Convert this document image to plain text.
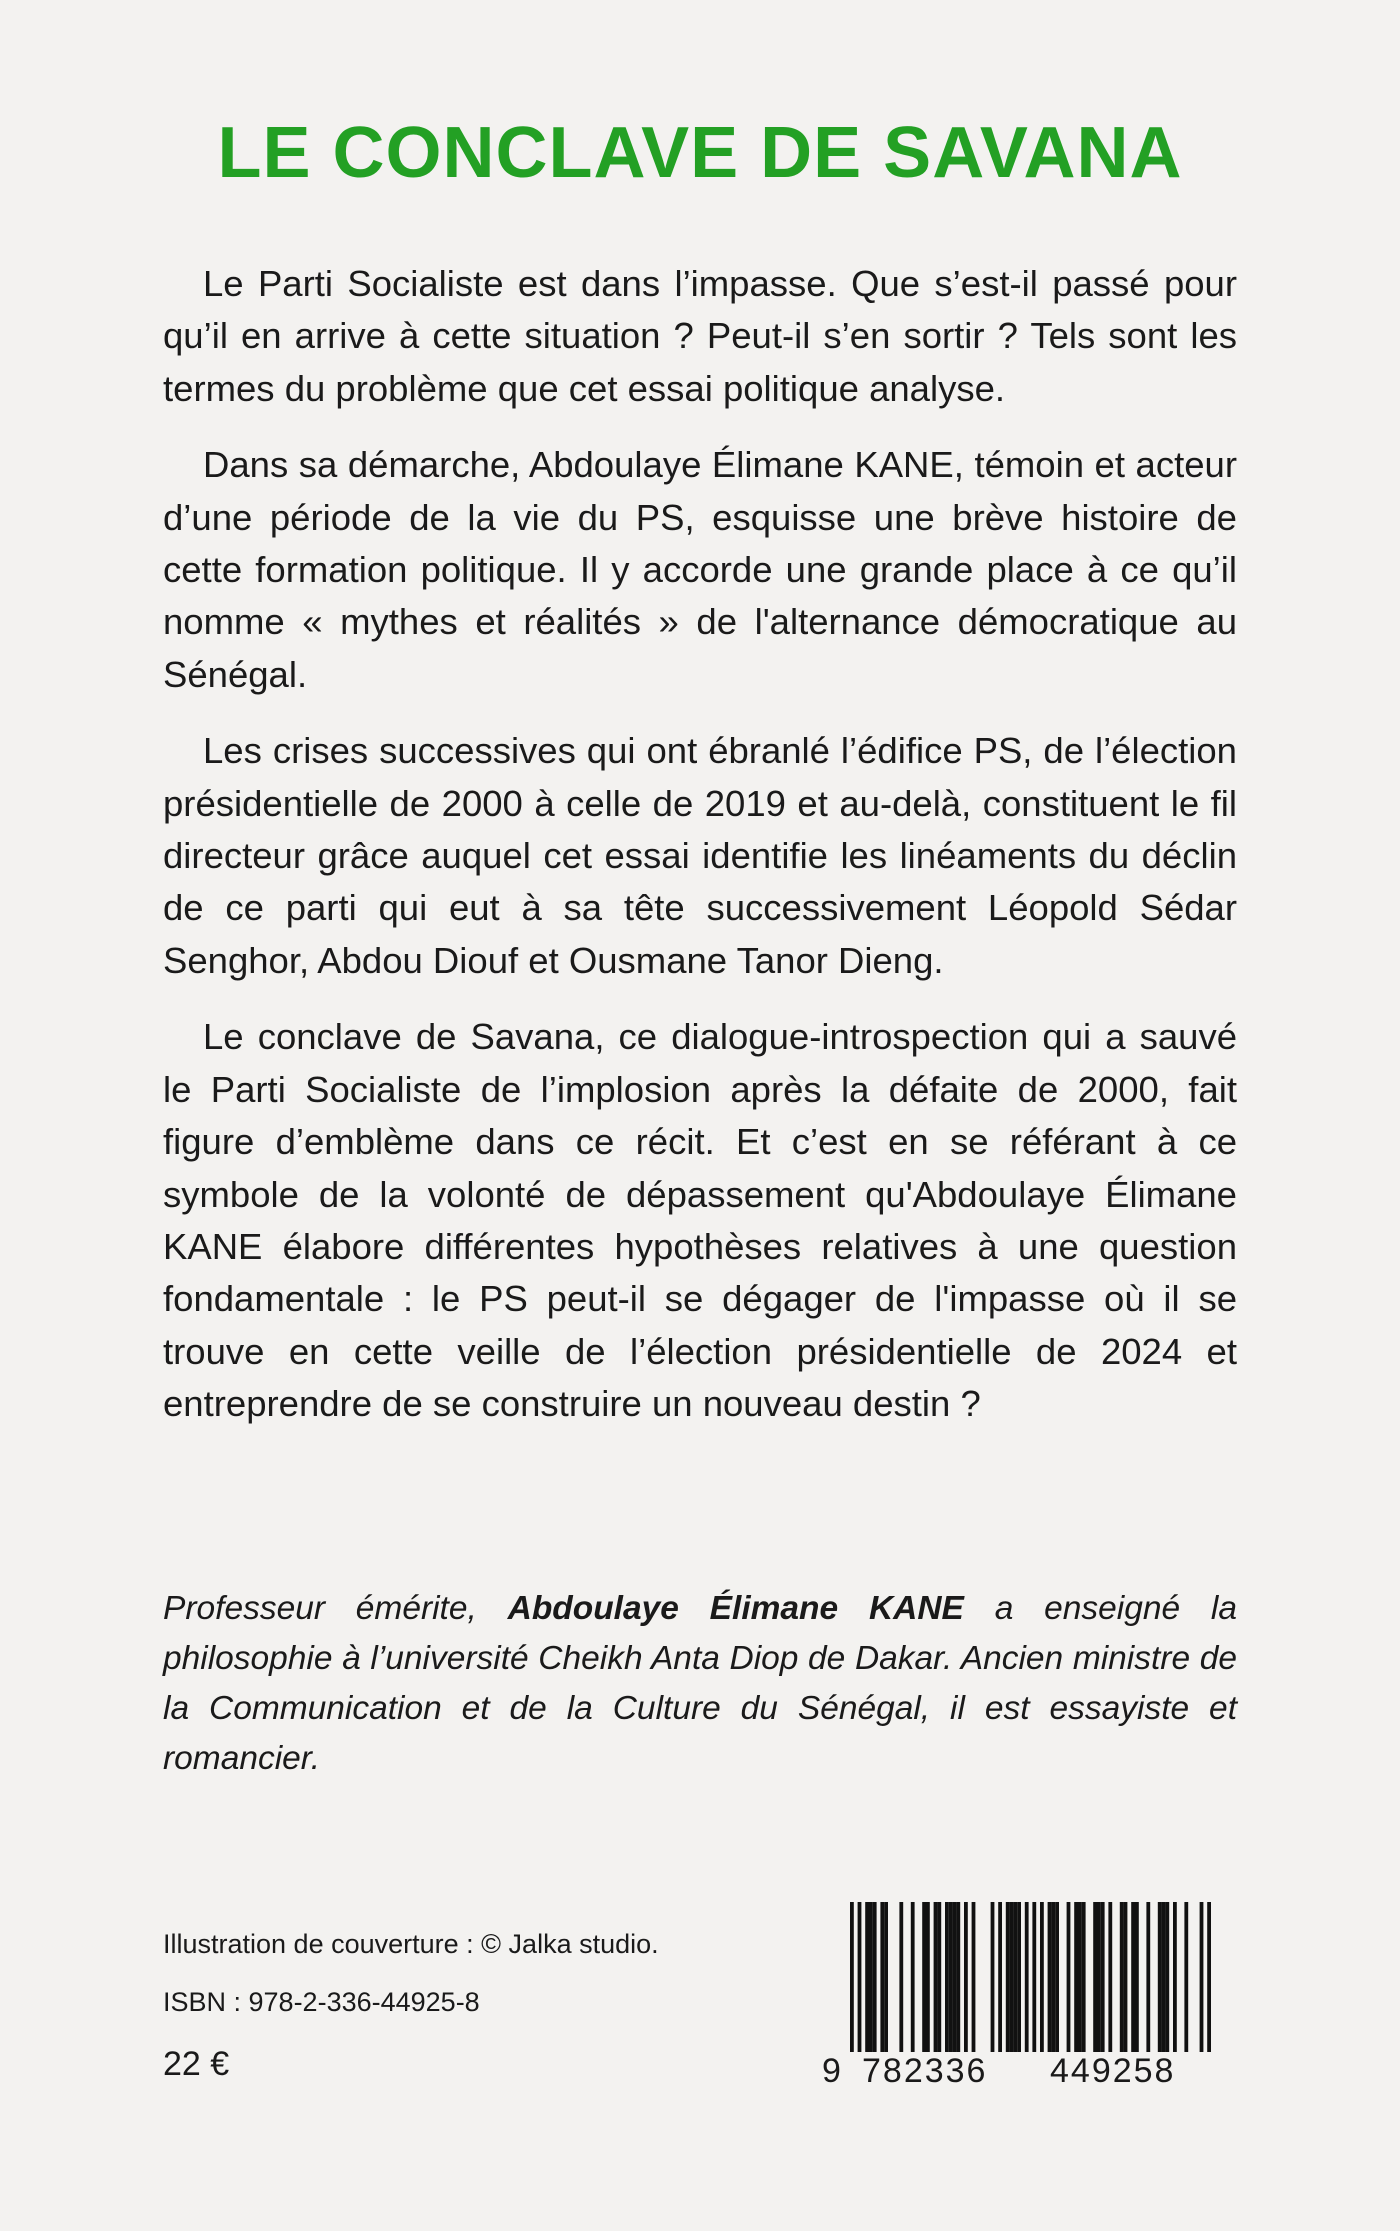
LE CONCLAVE DE SAVANA

Le Parti Socialiste est dans l’impasse. Que s’est-il passé pour qu’il en arrive à cette situation ? Peut-il s’en sortir ? Tels sont les termes du problème que cet essai politique analyse.

Dans sa démarche, Abdoulaye Élimane KANE, témoin et acteur d’une période de la vie du PS, esquisse une brève histoire de cette formation politique. Il y accorde une grande place à ce qu’il nomme « mythes et réalités » de l'alternance démocratique au Sénégal.

Les crises successives qui ont ébranlé l’édifice PS, de l’élection présidentielle de 2000 à celle de 2019 et au-delà, constituent le fil directeur grâce auquel cet essai identifie les linéaments du déclin de ce parti qui eut à sa tête successivement Léopold Sédar Senghor, Abdou Diouf et Ousmane Tanor Dieng.

Le conclave de Savana, ce dialogue-introspection qui a sauvé le Parti Socialiste de l’implosion après la défaite de 2000, fait figure d’emblème dans ce récit. Et c’est en se référant à ce symbole de la volonté de dépassement qu'Abdoulaye Élimane KANE élabore différentes hypothèses relatives à une question fondamentale : le PS peut-il se dégager de l'impasse où il se trouve en cette veille de l’élection présidentielle de 2024 et entreprendre de se construire un nouveau destin ?

Professeur émérite, Abdoulaye Élimane KANE a enseigné la philosophie à l’université Cheikh Anta Diop de Dakar. Ancien ministre de la Communication et de la Culture du Sénégal, il est essayiste et romancier.

Illustration de couverture : © Jalka studio.
ISBN : 978-2-336-44925-8
22 €	9 782336 449258
